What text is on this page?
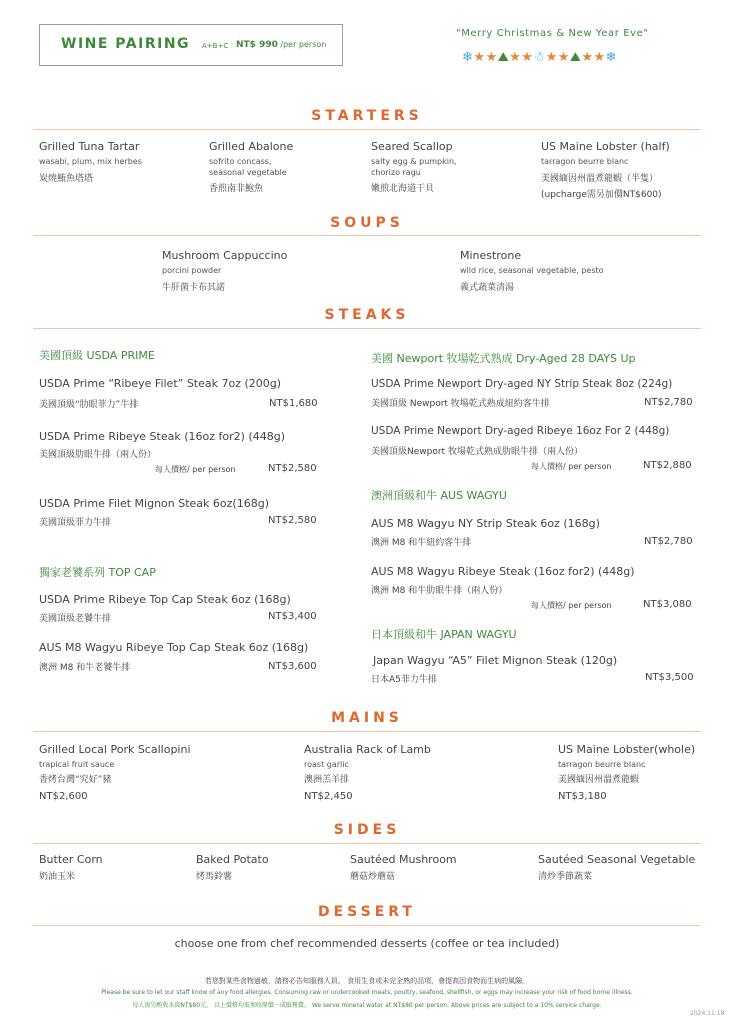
WINE PAIRING A+B+C NT$ 990 /per person
"Merry Christmas & New Year Eve"
❄★★⛰★★☃★★⛰★★❄
STARTERS
Grilled Tuna Tartar
wasabi, plum, mix herbes
炭燒鮪魚塔塔
Grilled Abalone
sofrito concass,
seasonal vegetable
香煎南非鮑魚
Seared Scallop
salty egg & pumpkin,
chorizo ragu
嫩煎北海道干貝
US Maine Lobster (half)
tarragon beurre blanc
美國緬因州溫煮龍蝦（半隻）
(upcharge需另加價NT$600)
SOUPS
Mushroom Cappuccino
porcini powder
牛肝菌卡布其諾
Minestrone
wild rice, seasonal vegetable, pesto
義式蔬菜清湯
STEAKS
美國頂級 USDA PRIME
USDA Prime “Ribeye Filet” Steak 7oz (200g)
美國頂級“肋眼菲力”牛排	NT$1,680
USDA Prime Ribeye Steak (16oz for2) (448g)
美國頂級肋眼牛排（兩人份）
每人價格/ per person	NT$2,580
USDA Prime Filet Mignon Steak 6oz(168g)
美國頂級菲力牛排	NT$2,580
獨家老饕系列 TOP CAP
USDA Prime Ribeye Top Cap Steak 6oz (168g)
美國頂級老饕牛排	NT$3,400
AUS M8 Wagyu Ribeye Top Cap Steak 6oz (168g)
澳洲 M8 和牛老饕牛排	NT$3,600
美國 Newport 牧場乾式熟成 Dry-Aged 28 DAYS Up
USDA Prime Newport Dry-aged NY Strip Steak 8oz (224g)
美國頂級 Newport 牧場乾式熟成紐約客牛排	NT$2,780
USDA Prime Newport Dry-aged Ribeye 16oz For 2 (448g)
美國頂級Newport 牧場乾式熟成肋眼牛排（兩人份）
每人價格/ per person	NT$2,880
澳洲頂級和牛 AUS WAGYU
AUS M8 Wagyu NY Strip Steak 6oz (168g)
澳洲 M8 和牛紐約客牛排	NT$2,780
AUS M8 Wagyu Ribeye Steak (16oz for2) (448g)
澳洲 M8 和牛肋眼牛排（兩人份）
每人價格/ per person	NT$3,080
日本頂級和牛 JAPAN WAGYU
Japan Wagyu “A5” Filet Mignon Steak (120g)
日本A5菲力牛排	NT$3,500
MAINS
Grilled Local Pork Scallopini
trapical fruit sauce
香烤台灣“究好”豬
NT$2,600
Australia Rack of Lamb
roast garlic
澳洲羔羊排
NT$2,450
US Maine Lobster(whole)
tarragon beurre blanc
美國緬因州溫煮龍蝦
NT$3,180
SIDES
Butter Corn
奶油玉米
Baked Potato
烤馬鈴薯
Sautéed Mushroom
蘑菇炒蘑菇
Sautéed Seasonal Vegetable
清炒季節蔬菜
DESSERT
choose one from chef recommended desserts (coffee or tea included)
若您對某些食物過敏，請務必告知服務人員。 食用生食或未完全熟的品項，會提高因食物而生病的風險。
Please be sure to let our staff know of any food allergies. Consuming raw or undercooked meats, poultry, seafood, shellfish, or eggs may increase your risk of food borne illness.
每人需另酌收水資NT$80元。 以上價格均需加收原價一成服務費。 We serve mineral water at NT$80 per person. Above prices are subject to a 10% service charge.
2024.11.18
